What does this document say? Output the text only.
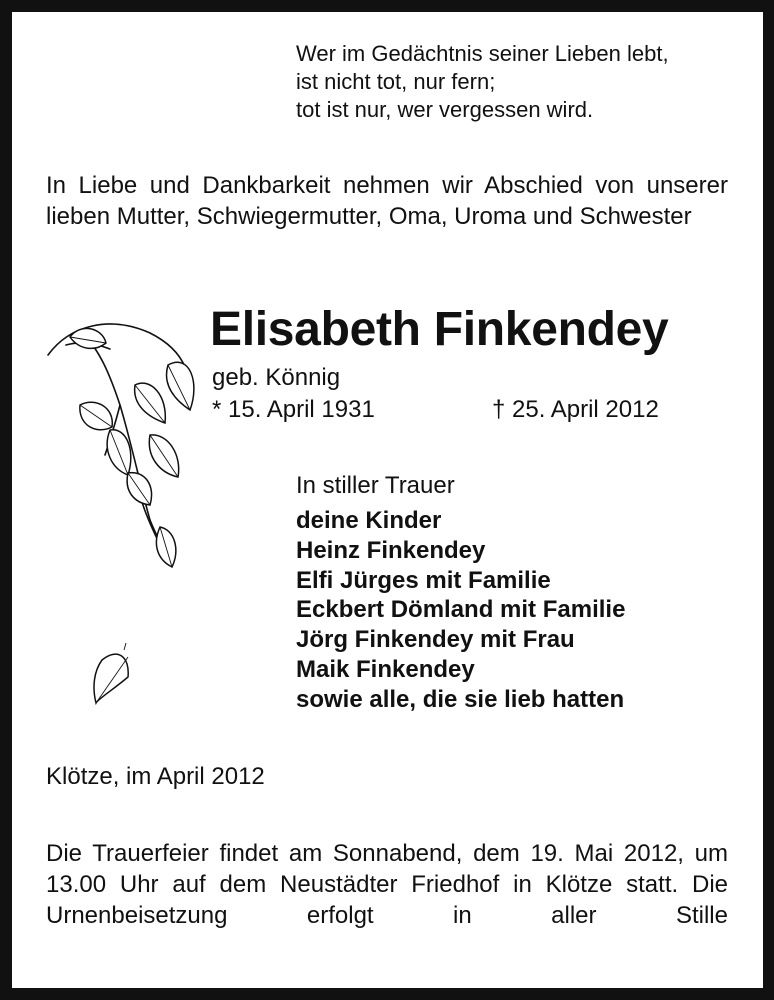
Wer im Gedächtnis seiner Lieben lebt,
ist nicht tot, nur fern;
tot ist nur, wer vergessen wird.
In Liebe und Dankbarkeit nehmen wir Abschied von unserer lieben Mutter, Schwiegermutter, Oma, Uroma und Schwester
Elisabeth Finkendey
geb. Könnig
* 15. April 1931	† 25. April 2012
In stiller Trauer
deine Kinder
Heinz Finkendey
Elfi Jürges mit Familie
Eckbert Dömland mit Familie
Jörg Finkendey mit Frau
Maik Finkendey
sowie alle, die sie lieb hatten
Klötze, im April 2012
Die Trauerfeier findet am Sonnabend, dem 19. Mai 2012, um 13.00 Uhr auf dem Neustädter Friedhof in Klötze statt. Die Urnenbeisetzung erfolgt in aller Stille
